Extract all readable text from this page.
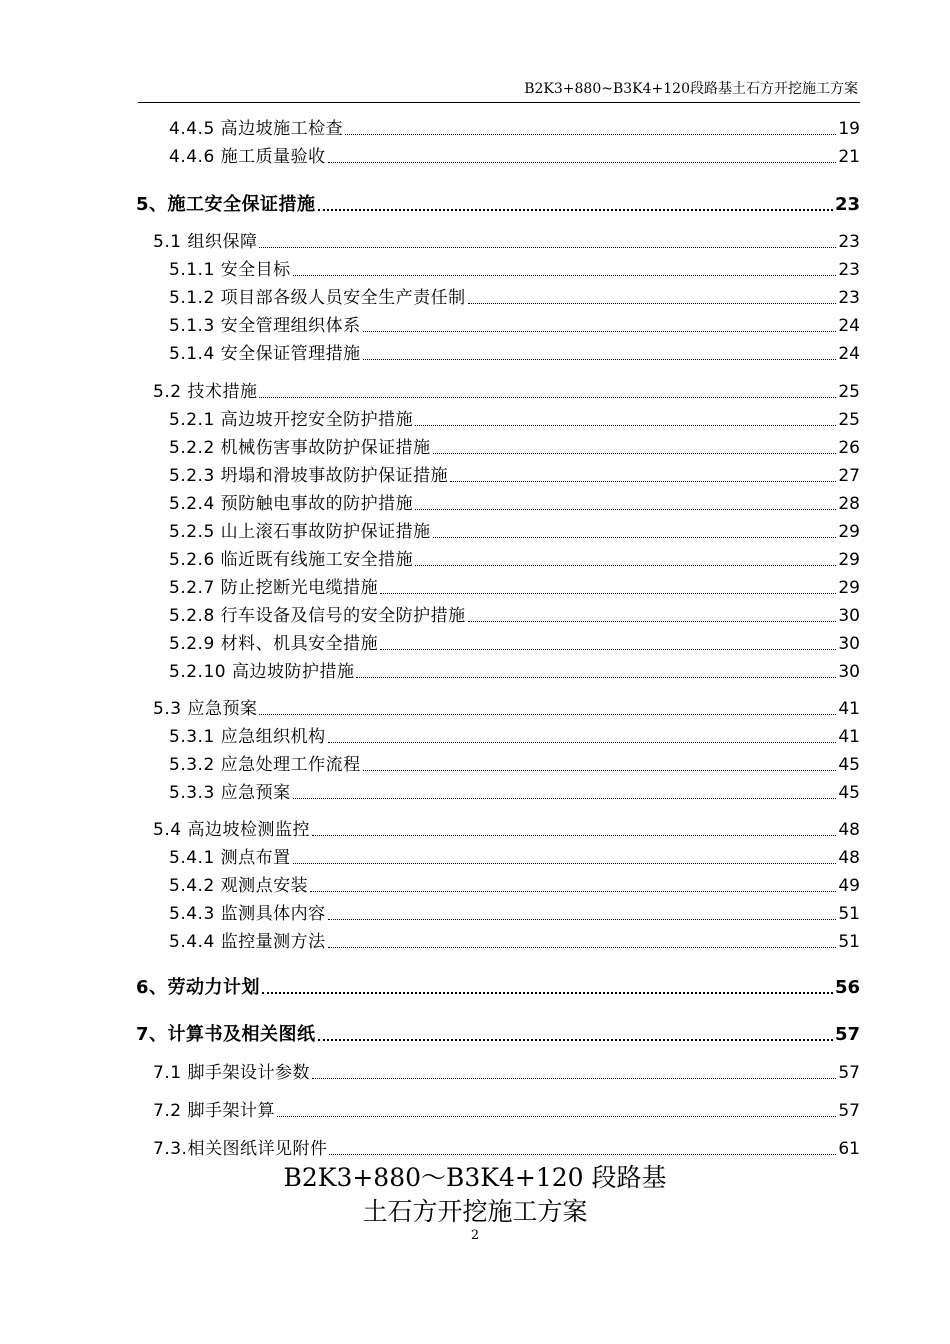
B2K3+880~B3K4+120段路基土石方开挖施工方案
4.4.5 高边坡施工检查	19
4.4.6 施工质量验收	21
5、施工安全保证措施	23
5.1 组织保障	23
5.1.1 安全目标	23
5.1.2 项目部各级人员安全生产责任制	23
5.1.3 安全管理组织体系	24
5.1.4 安全保证管理措施	24
5.2 技术措施	25
5.2.1 高边坡开挖安全防护措施	25
5.2.2 机械伤害事故防护保证措施	26
5.2.3 坍塌和滑坡事故防护保证措施	27
5.2.4 预防触电事故的防护措施	28
5.2.5 山上滚石事故防护保证措施	29
5.2.6 临近既有线施工安全措施	29
5.2.7 防止挖断光电缆措施	29
5.2.8 行车设备及信号的安全防护措施	30
5.2.9 材料、机具安全措施	30
5.2.10 高边坡防护措施	30
5.3 应急预案	41
5.3.1 应急组织机构	41
5.3.2 应急处理工作流程	45
5.3.3 应急预案	45
5.4 高边坡检测监控	48
5.4.1 测点布置	48
5.4.2 观测点安装	49
5.4.3 监测具体内容	51
5.4.4 监控量测方法	51
6、劳动力计划	56
7、计算书及相关图纸	57
7.1 脚手架设计参数	57
7.2 脚手架计算	57
7.3.相关图纸详见附件	61
B2K3+880～B3K4+120 段路基
土石方开挖施工方案
2
